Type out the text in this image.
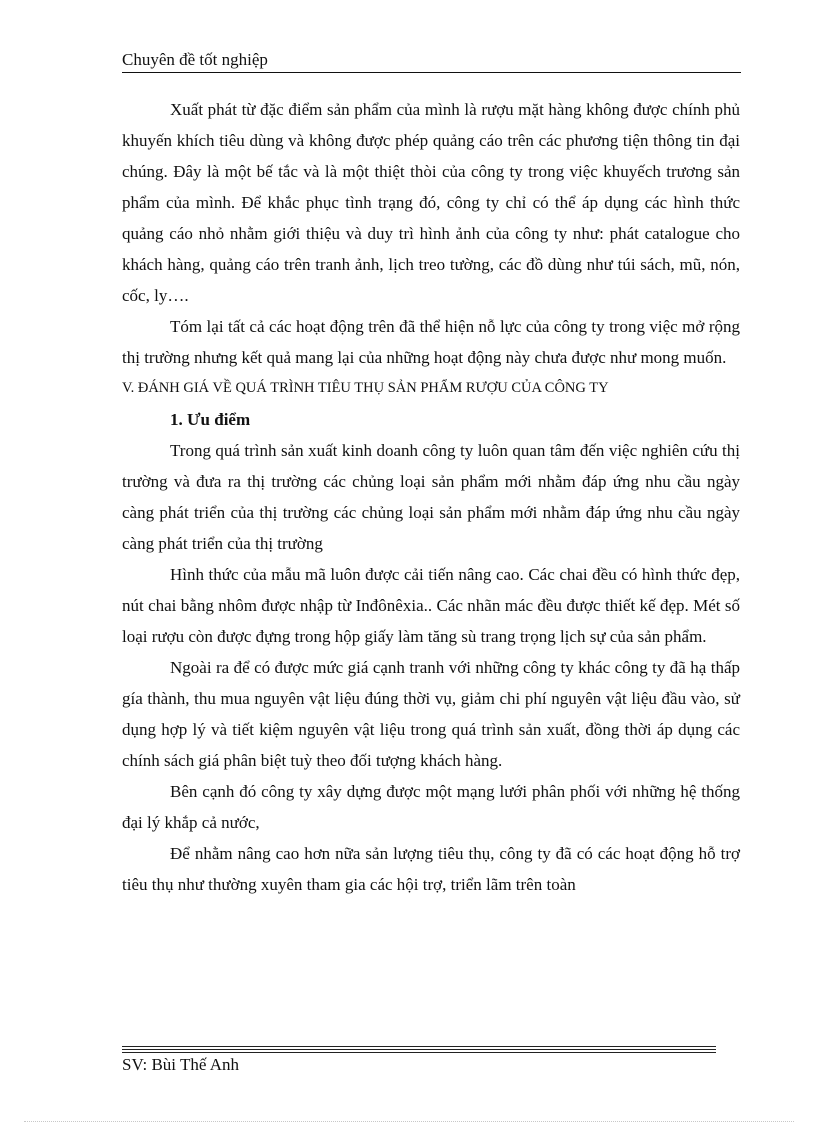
Chuyên đề tốt nghiệp

Xuất phát từ đặc điểm sản phẩm của mình là rượu mặt hàng không được chính phủ khuyến khích tiêu dùng và không được phép quảng cáo trên các phương tiện thông tin đại chúng. Đây là một bế tắc và là một thiệt thòi của công ty trong việc khuyếch trương sản phẩm của mình. Để khắc phục tình trạng đó, công ty chỉ có thể áp dụng các hình thức quảng cáo nhỏ nhằm giới thiệu và duy trì hình ảnh của công ty như: phát catalogue cho khách hàng, quảng cáo trên tranh ảnh, lịch treo tường, các đồ dùng như túi sách, mũ, nón, cốc, ly….

Tóm lại tất cả các hoạt động trên đã thể hiện nỗ lực của công ty trong việc mở rộng thị trường nhưng kết quả mang lại của những hoạt động này chưa được như mong muốn.

V. ĐÁNH GIÁ VỀ QUÁ TRÌNH TIÊU THỤ SẢN PHẨM RƯỢU CỦA CÔNG TY

1. Ưu điểm

Trong quá trình sản xuất kinh doanh công ty luôn quan tâm đến việc nghiên cứu thị trường và đưa ra thị trường các chủng loại sản phẩm mới nhằm đáp ứng nhu cầu ngày càng phát triển của thị trường các chủng loại sản phẩm mới nhằm đáp ứng nhu cầu ngày càng phát triển của thị trường

Hình thức của mẫu mã luôn được cải tiến nâng cao. Các chai đều có hình thức đẹp, nút chai bằng nhôm được nhập từ Inđônêxia.. Các nhãn mác đều được thiết kế đẹp. Mét số loại rượu còn được đựng trong hộp giấy làm tăng sù trang trọng lịch sự của sản phẩm.

Ngoài ra để có được mức giá cạnh tranh với những công ty khác công ty đã hạ thấp gía thành, thu mua nguyên vật liệu đúng thời vụ, giảm chi phí nguyên vật liệu đầu vào, sử dụng hợp lý và tiết kiệm nguyên vật liệu trong quá trình sản xuất, đồng thời áp dụng các chính sách giá phân biệt tuỳ theo đối tượng khách hàng.

Bên cạnh đó công ty xây dựng được một mạng lưới phân phối với những hệ thống đại lý khắp cả nước,

Để nhằm nâng cao hơn nữa sản lượng tiêu thụ, công ty đã có các hoạt động hỗ trợ tiêu thụ như thường xuyên tham gia các hội trợ, triển lãm trên toàn

SV: Bùi Thế Anh
